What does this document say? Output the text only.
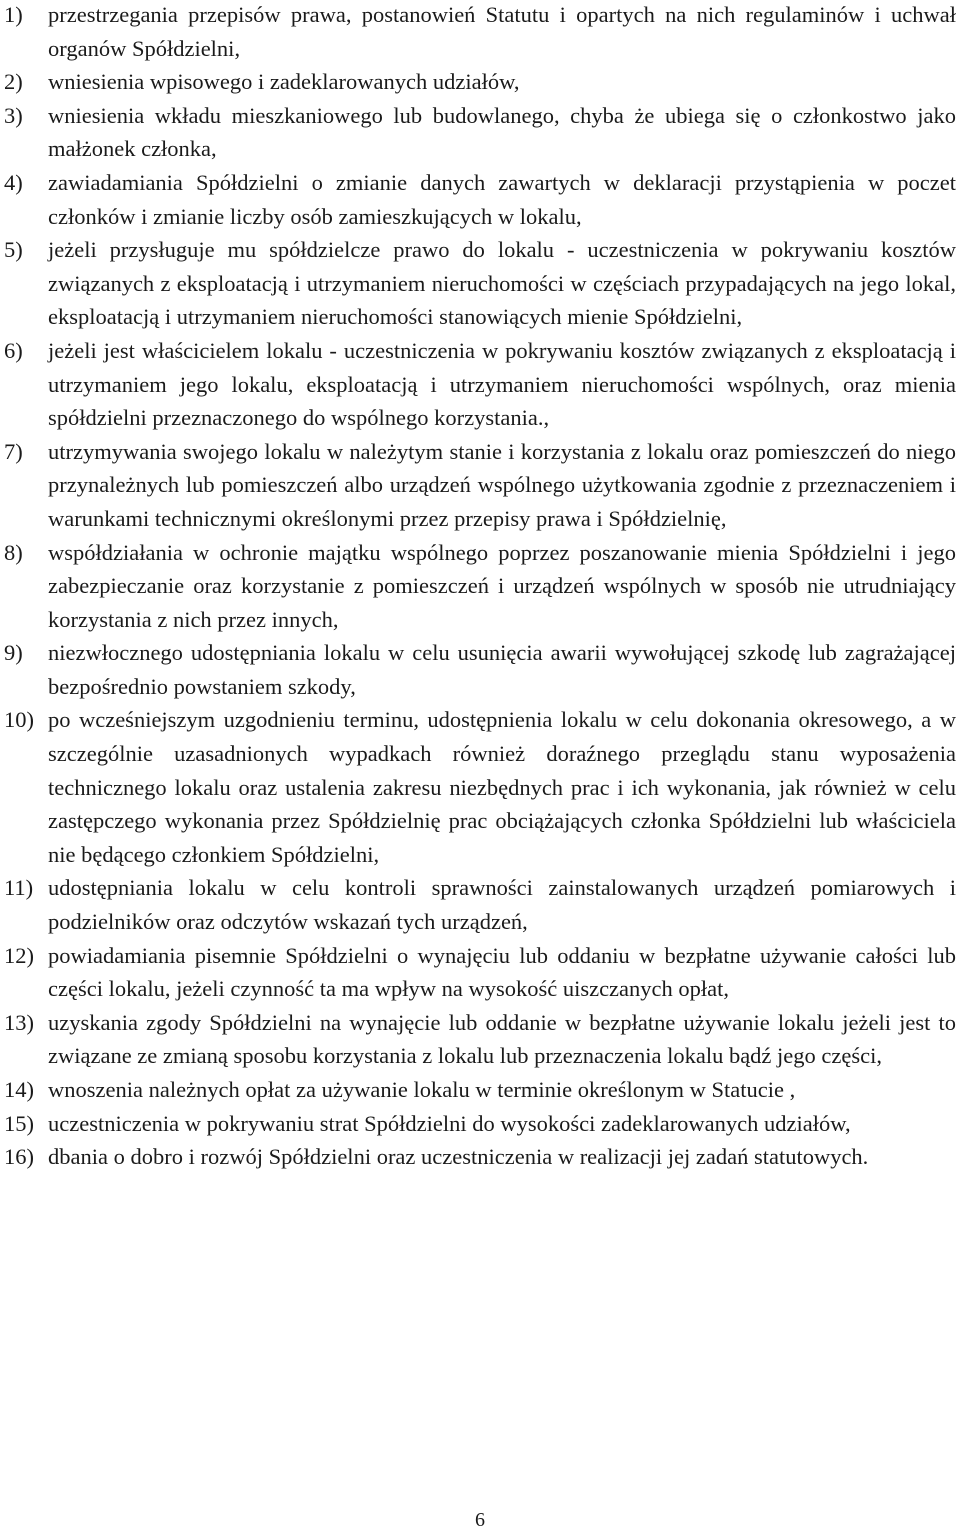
1)	przestrzegania przepisów prawa, postanowień Statutu i opartych na nich regulaminów i uchwał organów Spółdzielni,
2)	wniesienia wpisowego i zadeklarowanych udziałów,
3)	wniesienia wkładu mieszkaniowego lub budowlanego, chyba że ubiega się o członkostwo jako małżonek członka,
4)	zawiadamiania Spółdzielni o zmianie danych zawartych w deklaracji przystąpienia w poczet członków i zmianie liczby osób zamieszkujących w lokalu,
5)	jeżeli przysługuje mu spółdzielcze prawo do lokalu - uczestniczenia w pokrywaniu kosztów związanych z eksploatacją i utrzymaniem nieruchomości w częściach przypadających na jego lokal, eksploatacją i utrzymaniem nieruchomości stanowiących mienie Spółdzielni,
6)	jeżeli jest właścicielem lokalu - uczestniczenia w pokrywaniu kosztów związanych z eksploatacją i utrzymaniem jego lokalu, eksploatacją i utrzymaniem nieruchomości wspólnych, oraz mienia spółdzielni przeznaczonego do wspólnego korzystania.,
7)	utrzymywania swojego lokalu w należytym stanie i korzystania z lokalu oraz pomieszczeń do niego przynależnych lub pomieszczeń albo urządzeń wspólnego użytkowania zgodnie z przeznaczeniem i warunkami technicznymi określonymi przez przepisy prawa i Spółdzielnię,
8)	współdziałania w ochronie majątku wspólnego poprzez poszanowanie mienia Spółdzielni i jego zabezpieczanie oraz korzystanie z pomieszczeń i urządzeń wspólnych w sposób nie utrudniający korzystania z nich przez innych,
9)	niezwłocznego udostępniania lokalu w celu usunięcia awarii wywołującej szkodę lub zagrażającej bezpośrednio powstaniem szkody,
10) po wcześniejszym uzgodnieniu terminu, udostępnienia lokalu w celu dokonania okresowego, a w szczególnie uzasadnionych wypadkach również doraźnego przeglądu stanu wyposażenia technicznego lokalu oraz ustalenia zakresu niezbędnych prac i ich wykonania, jak również w celu zastępczego wykonania przez Spółdzielnię prac obciążających członka Spółdzielni lub właściciela nie będącego członkiem Spółdzielni,
11) udostępniania lokalu w celu kontroli sprawności zainstalowanych urządzeń pomiarowych i podzielników oraz odczytów wskazań tych urządzeń,
12) powiadamiania pisemnie Spółdzielni o wynajęciu lub oddaniu w bezpłatne używanie całości lub części lokalu, jeżeli czynność ta ma wpływ na wysokość uiszczanych opłat,
13) uzyskania zgody Spółdzielni na wynajęcie lub oddanie w bezpłatne używanie lokalu jeżeli jest to związane ze zmianą sposobu korzystania z lokalu lub przeznaczenia lokalu bądź jego części,
14) wnoszenia należnych opłat za używanie lokalu w terminie określonym w Statucie ,
15) uczestniczenia w pokrywaniu strat Spółdzielni do wysokości zadeklarowanych udziałów,
16) dbania o dobro i rozwój Spółdzielni oraz uczestniczenia w realizacji jej zadań statutowych.
6
